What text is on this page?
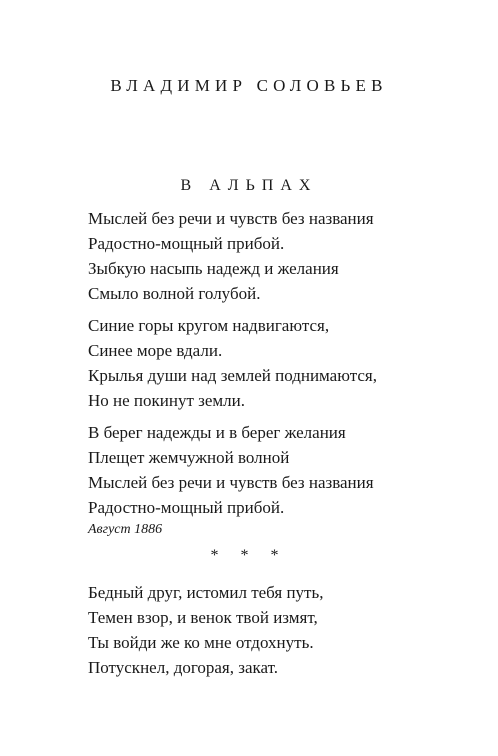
ВЛАДИМИР СОЛОВЬЕВ
В АЛЬПАХ
Мыслей без речи и чувств без названия
Радостно-мощный прибой.
Зыбкую насыпь надежд и желания
Смыло волной голубой.
Синие горы кругом надвигаются,
Синее море вдали.
Крылья души над землей поднимаются,
Но не покинут земли.
В берег надежды и в берег желания
Плещет жемчужной волной
Мыслей без речи и чувств без названия
Радостно-мощный прибой.

Август 1886

* * *

Бедный друг, истомил тебя путь,
Темен взор, и венок твой измят,
Ты войди же ко мне отдохнуть.
Потускнел, догорая, закат.
